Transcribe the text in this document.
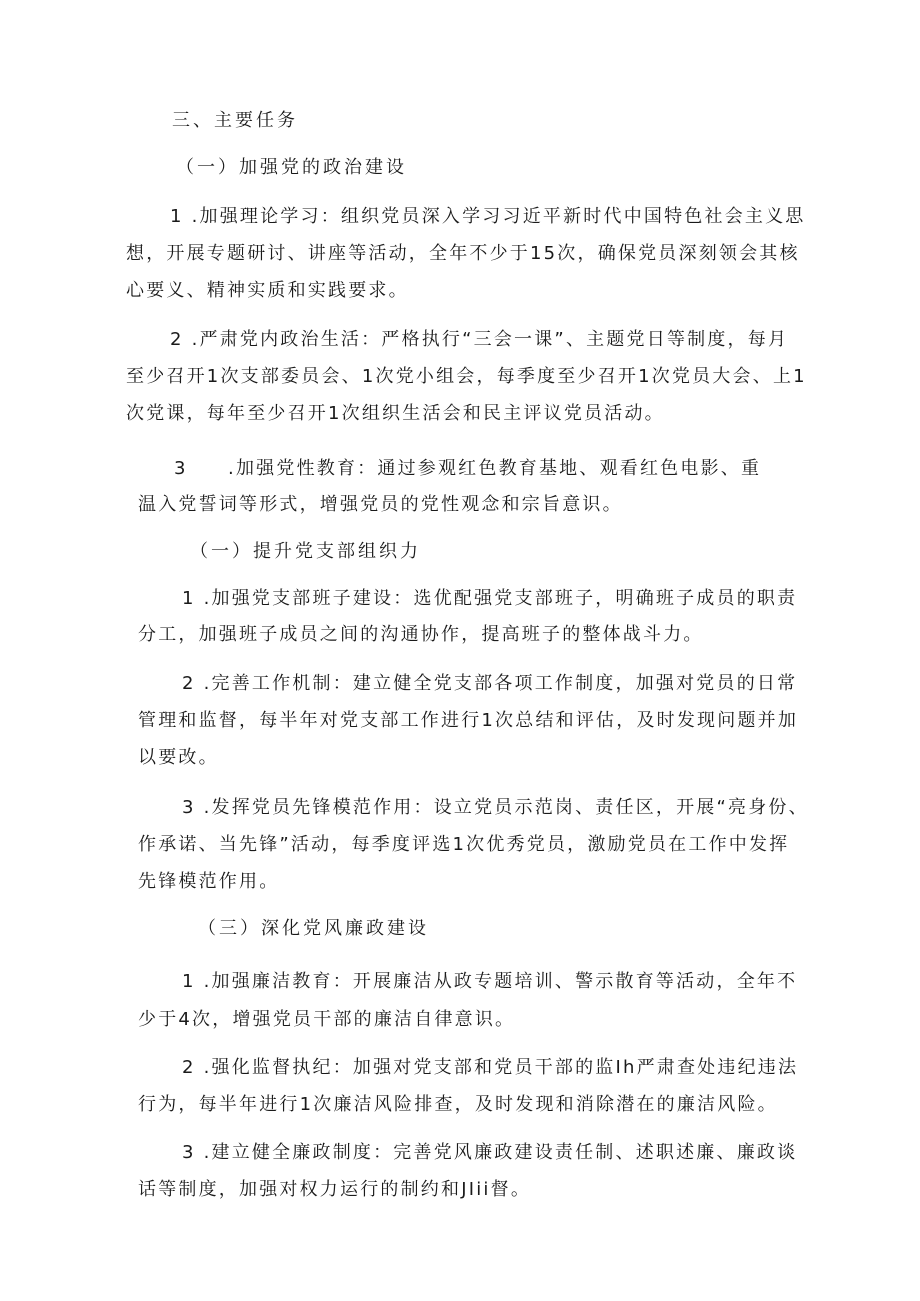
三、主要任务
（一）加强党的政治建设
1 .加强理论学习：组织党员深入学习习近平新时代中国特色社会主义思
想，开展专题研讨、讲座等活动，全年不少于15次，确保党员深刻领会其核
心要义、精神实质和实践要求。
2 .严肃党内政治生活：严格执行“三会一课”、主题党日等制度，每月
至少召开1次支部委员会、1次党小组会，每季度至少召开1次党员大会、上1
次党课，每年至少召开1次组织生活会和民主评议党员活动。
3　　.加强党性教育：通过参观红色教育基地、观看红色电影、重
温入党誓词等形式，增强党员的党性观念和宗旨意识。
（一）提升党支部组织力
1 .加强党支部班子建设：选优配强党支部班子，明确班子成员的职责
分工，加强班子成员之间的沟通协作，提高班子的整体战斗力。
2 .完善工作机制：建立健全党支部各项工作制度，加强对党员的日常
管理和监督，每半年对党支部工作进行1次总结和评估，及时发现问题并加
以要改。
3 .发挥党员先锋模范作用：设立党员示范岗、责任区，开展“亮身份、
作承诺、当先锋”活动，每季度评选1次优秀党员，激励党员在工作中发挥
先锋模范作用。
（三）深化党风廉政建设
1 .加强廉洁教育：开展廉洁从政专题培训、警示散育等活动，全年不
少于4次，增强党员干部的廉洁自律意识。
2 .强化监督执纪：加强对党支部和党员干部的监Ih严肃查处违纪违法
行为，每半年进行1次廉洁风险排查，及时发现和消除潜在的廉洁风险。
3 .建立健全廉政制度：完善党风廉政建设责任制、述职述廉、廉政谈
话等制度，加强对权力运行的制约和JIii督。
